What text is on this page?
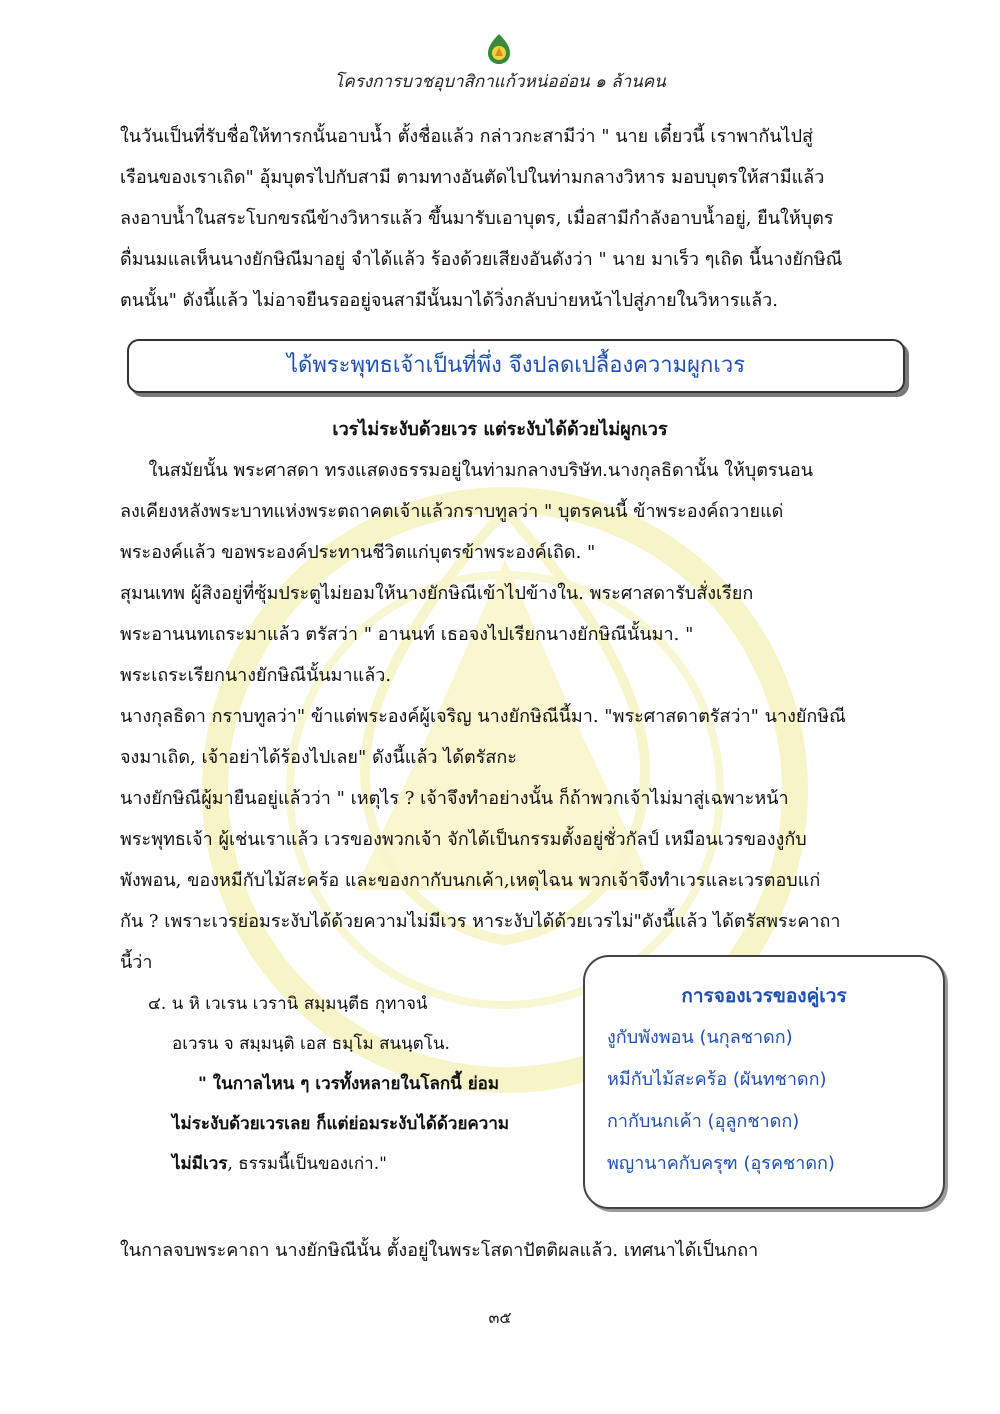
โครงการบวชอุบาสิกาแก้วหน่ออ่อน ๑ ล้านคน
ในวันเป็นที่รับชื่อให้ทารกนั้นอาบน้ำ ตั้งชื่อแล้ว กล่าวกะสามีว่า " นาย เดี๋ยวนี้ เราพากันไปสู่
เรือนของเราเถิด" อุ้มบุตรไปกับสามี ตามทางอันตัดไปในท่ามกลางวิหาร มอบบุตรให้สามีแล้ว
ลงอาบน้ำในสระโบกขรณีข้างวิหารแล้ว ขึ้นมารับเอาบุตร, เมื่อสามีกำลังอาบน้ำอยู่, ยืนให้บุตร
ดื่มนมแลเห็นนางยักษิณีมาอยู่ จำได้แล้ว ร้องด้วยเสียงอันดังว่า " นาย มาเร็ว ๆเถิด นี้นางยักษิณี
ตนนั้น" ดังนี้แล้ว ไม่อาจยืนรออยู่จนสามีนั้นมาได้วิ่งกลับบ่ายหน้าไปสู่ภายในวิหารแล้ว.
ได้พระพุทธเจ้าเป็นที่พึ่ง จึงปลดเปลื้องความผูกเวร
เวรไม่ระงับด้วยเวร แต่ระงับได้ด้วยไม่ผูกเวร
ในสมัยนั้น พระศาสดา ทรงแสดงธรรมอยู่ในท่ามกลางบริษัท.นางกุลธิดานั้น ให้บุตรนอน
ลงเคียงหลังพระบาทแห่งพระตถาคตเจ้าแล้วกราบทูลว่า " บุตรคนนี้ ข้าพระองค์ถวายแด่
พระองค์แล้ว ขอพระองค์ประทานชีวิตแก่บุตรข้าพระองค์เถิด. "
สุมนเทพ ผู้สิงอยู่ที่ซุ้มประตูไม่ยอมให้นางยักษิณีเข้าไปข้างใน. พระศาสดารับสั่งเรียก
พระอานนทเถระมาแล้ว ตรัสว่า " อานนท์ เธอจงไปเรียกนางยักษิณีนั้นมา. "
พระเถระเรียกนางยักษิณีนั้นมาแล้ว.
นางกุลธิดา กราบทูลว่า" ข้าแต่พระองค์ผู้เจริญ นางยักษิณีนี้มา. "พระศาสดาตรัสว่า" นางยักษิณี
จงมาเถิด, เจ้าอย่าได้ร้องไปเลย" ดังนี้แล้ว ได้ตรัสกะ
นางยักษิณีผู้มายืนอยู่แล้วว่า " เหตุไร ? เจ้าจึงทำอย่างนั้น ก็ถ้าพวกเจ้าไม่มาสู่เฉพาะหน้า
พระพุทธเจ้า ผู้เช่นเราแล้ว เวรของพวกเจ้า จักได้เป็นกรรมตั้งอยู่ชั่วกัลป์ เหมือนเวรของงูกับ
พังพอน, ของหมีกับไม้สะคร้อ และของกากับนกเค้า,เหตุไฉน พวกเจ้าจึงทำเวรและเวรตอบแก่
กัน ? เพราะเวรย่อมระงับได้ด้วยความไม่มีเวร หาระงับได้ด้วยเวรไม่"ดังนี้แล้ว ได้ตรัสพระคาถา
นี้ว่า
๔. น หิ เวเรน เวรานิ สมฺมนฺตีธ กุทาจนํ
อเวรน จ สมฺมนฺติ เอส ธมฺโม สนนฺตโน.
" ในกาลไหน ๆ เวรทั้งหลายในโลกนี้ ย่อม
ไม่ระงับด้วยเวรเลย ก็แต่ย่อมระงับได้ด้วยความ
ไม่มีเวร, ธรรมนี้เป็นของเก่า."
การจองเวรของคู่เวร
งูกับพังพอน (นกุลชาดก)
หมีกับไม้สะคร้อ (ผันทชาดก)
กากับนกเค้า (อุลูกชาดก)
พญานาคกับครุฑ (อุรคชาดก)
ในกาลจบพระคาถา นางยักษิณีนั้น ตั้งอยู่ในพระโสดาปัตติผลแล้ว. เทศนาได้เป็นกถา
๓๕
